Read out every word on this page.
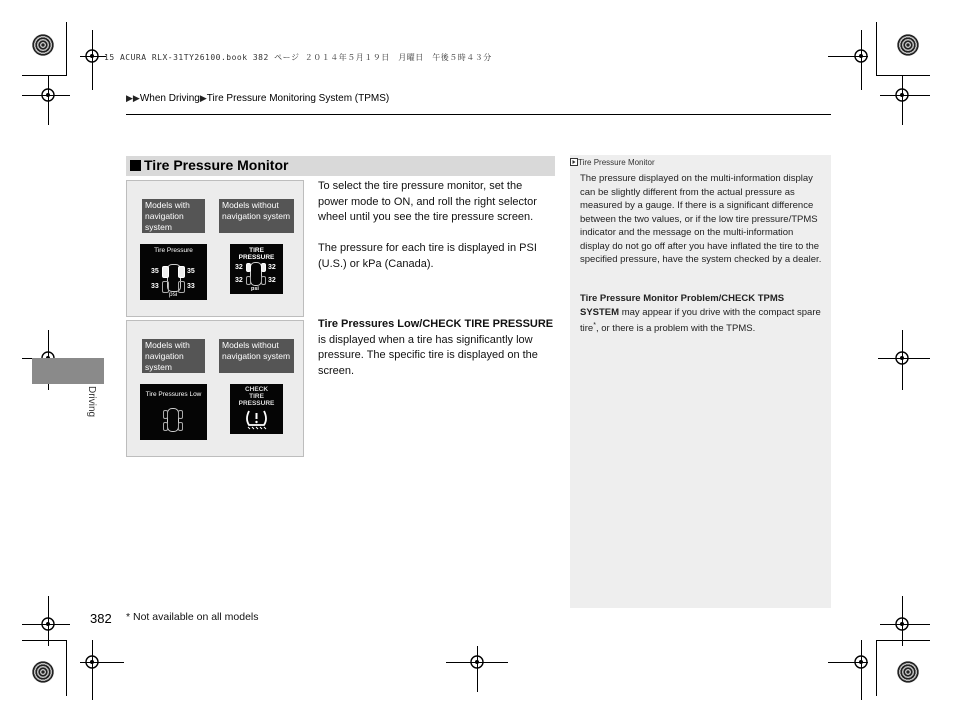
15 ACURA RLX-31TY26100.book 382 ページ ２０１４年５月１９日　月曜日　午後５時４３分
▶▶When Driving▶Tire Pressure Monitoring System (TPMS)
Driving
Tire Pressure Monitor
Models with navigation system
Models without navigation system
Tire Pressure
35	35
33	33
psi
TIRE PRESSURE
32	32
32	32
psi
Models with navigation system
Models without navigation system
Tire Pressures Low
CHECK
TIRE
PRESSURE
To select the tire pressure monitor, set the power mode to ON, and roll the right selector wheel until you see the tire pressure screen.
The pressure for each tire is displayed in PSI (U.S.) or kPa (Canada).
Tire Pressures Low/CHECK TIRE PRESSURE is displayed when a tire has significantly low pressure. The specific tire is displayed on the screen.
Tire Pressure Monitor
The pressure displayed on the multi-information display can be slightly different from the actual pressure as measured by a gauge. If there is a significant difference between the two values, or if the low tire pressure/TPMS indicator and the message on the multi-information display do not go off after you have inflated the tire to the specified pressure, have the system checked by a dealer.
Tire Pressure Monitor Problem/CHECK TPMS SYSTEM may appear if you drive with the compact spare tire*, or there is a problem with the TPMS.
382 * Not available on all models
